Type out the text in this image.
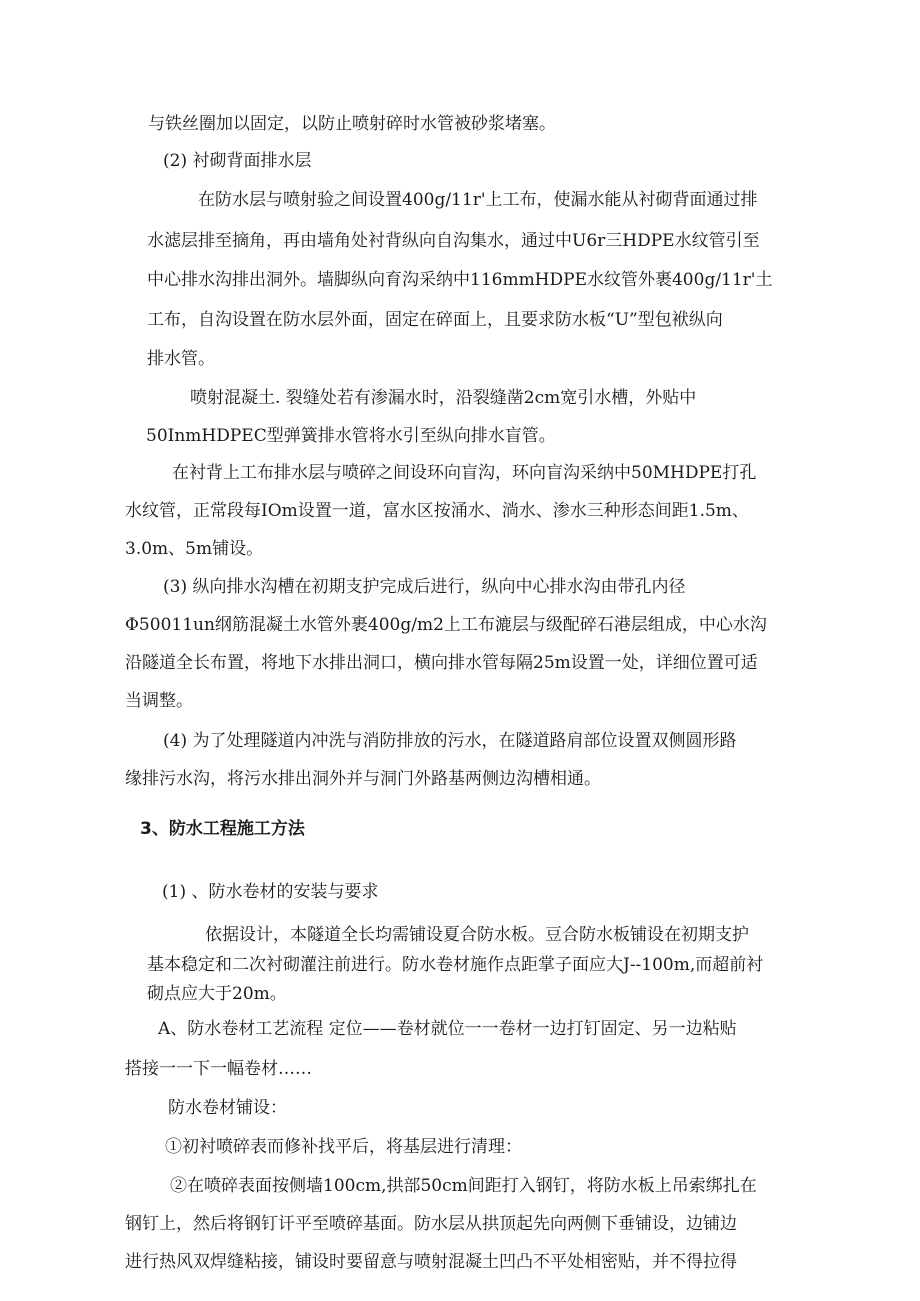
与铁丝圈加以固定，以防止喷射碎时水管被砂浆堵塞。
(2) 衬砌背面排水层
在防水层与喷射验之间设置400g∕11r'上工布，使漏水能从衬砌背面通过排
水滤层排至摘角，再由墙角处衬背纵向自沟集水，通过中U6r三HDPE水纹管引至
中心排水沟排出洞外。墙脚纵向育沟采纳中116mmHDPE水纹管外裹400g∕11r'土
工布，自沟设置在防水层外面，固定在碎面上，且要求防水板“U”型包袱纵向
排水管。
喷射混凝土. 裂缝处若有渗漏水时，沿裂缝凿2cm宽引水槽，外贴中
50InmHDPEC型弹簧排水管将水引至纵向排水盲管。
在衬背上工布排水层与喷碎之间设环向盲沟，环向盲沟采纳中50MHDPE打孔
水纹管，正常段每IOm设置一道，富水区按涌水、淌水、渗水三种形态间距1.5m、
3.0m、5m铺设。
(3) 纵向排水沟槽在初期支护完成后进行，纵向中心排水沟由带孔内径
Φ50011un纲筋混凝土水管外裹400g∕m2上工布漉层与级配碎石港层组成，中心水沟
沿隧道全长布置，将地下水排出洞口，横向排水管每隔25m设置一处，详细位置可适
当调整。
(4) 为了处理隧道内冲洗与消防排放的污水，在隧道路肩部位设置双侧圆形路
缘排污水沟，将污水排出洞外并与洞门外路基两侧边沟槽相通。
3、防水工程施工方法
(1) 、防水卷材的安装与要求
依据设计，本隧道全长均需铺设夏合防水板。豆合防水板铺设在初期支护
基本稳定和二次衬砌灌注前进行。防水卷材施作点距掌子面应大J--100m,而超前衬
砌点应大于20m。
A、防水卷材工艺流程 定位——卷材就位一一卷材一边打钉固定、另一边粘贴
搭接一一下一幅卷材……
防水卷材铺设：
①初衬喷碎表而修补找平后，将基层进行清理：
②在喷碎表面按侧墙100cm,拱部50cm间距打入钢钉，将防水板上吊索绑扎在
钢钉上，然后将钢钉讦平至喷碎基面。防水层从拱顶起先向两侧下垂铺设，边铺边
进行热风双焊缝粘接，铺设时要留意与喷射混凝土凹凸不平处相密贴，并不得拉得
